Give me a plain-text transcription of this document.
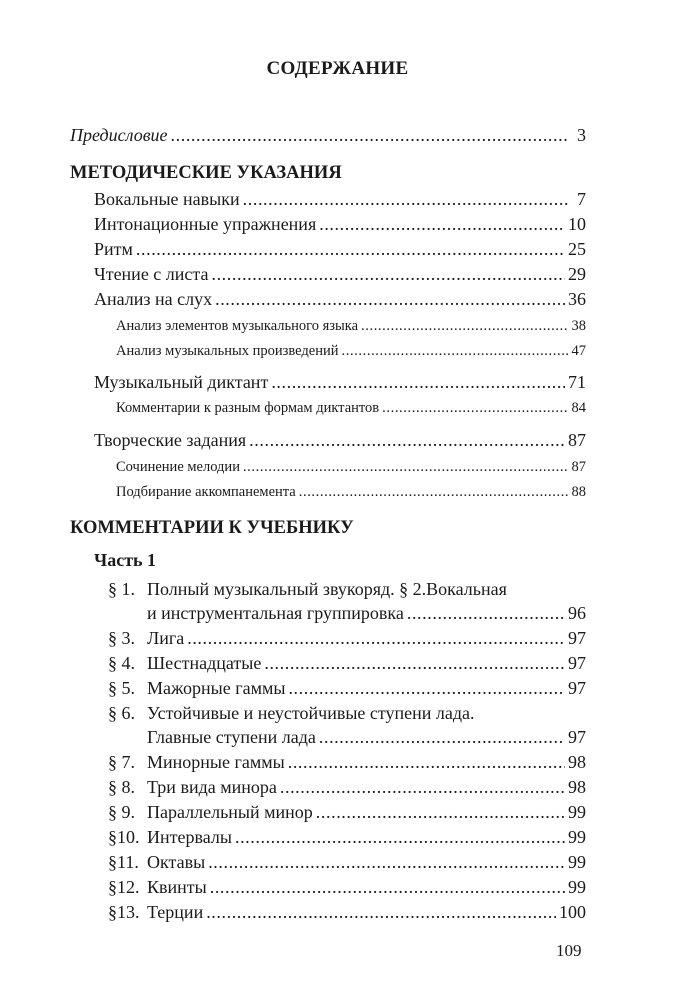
СОДЕРЖАНИЕ
Предисловие .....	3
МЕТОДИЧЕСКИЕ УКАЗАНИЯ
Вокальные навыки .....	7
Интонационные упражнения .....	10
Ритм .....	25
Чтение с листа .....	29
Анализ на слух .....	36
Анализ элементов музыкального языка .....	38
Анализ музыкальных произведений .....	47
Музыкальный диктант .....	71
Комментарии к разным формам диктантов .....	84
Творческие задания .....	87
Сочинение мелодии .....	87
Подбирание аккомпанемента .....	88
КОММЕНТАРИИ К УЧЕБНИКУ
Часть 1
§ 1. Полный музыкальный звукоряд. § 2.Вокальная
и инструментальная группировка .....	96
§ 3. Лига .....	97
§ 4. Шестнадцатые .....	97
§ 5. Мажорные гаммы .....	97
§ 6. Устойчивые и неустойчивые ступени лада.
Главные ступени лада .....	97
§ 7. Минорные гаммы .....	98
§ 8. Три вида минора .....	98
§ 9. Параллельный минор .....	99
§10. Интервалы .....	99
§11. Октавы .....	99
§12. Квинты .....	99
§13. Терции .....	100
109
